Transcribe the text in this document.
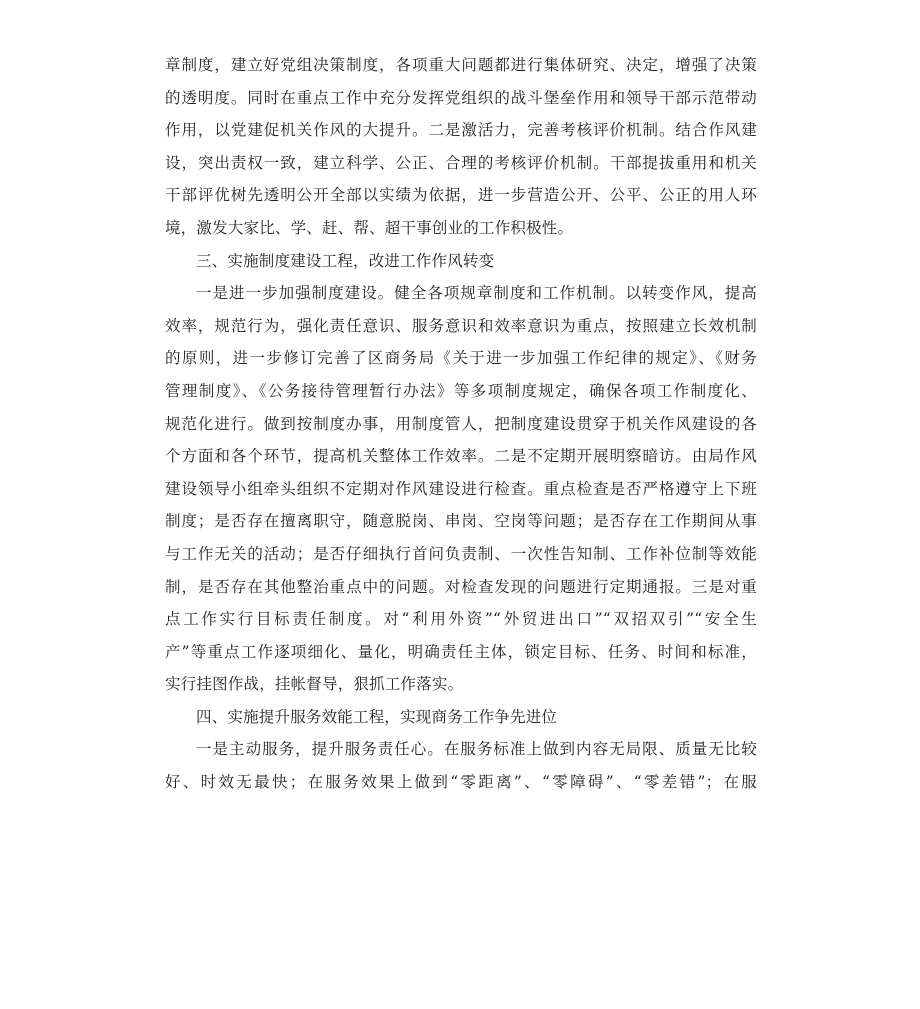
章制度，建立好党组决策制度，各项重大问题都进行集体研究、决定，增强了决策
的透明度。同时在重点工作中充分发挥党组织的战斗堡垒作用和领导干部示范带动
作用，以党建促机关作风的大提升。二是激活力，完善考核评价机制。结合作风建
设，突出责权一致，建立科学、公正、合理的考核评价机制。干部提拔重用和机关
干部评优树先透明公开全部以实绩为依据，进一步营造公开、公平、公正的用人环
境，激发大家比、学、赶、帮、超干事创业的工作积极性。
三、实施制度建设工程，改进工作作风转变
一是进一步加强制度建设。健全各项规章制度和工作机制。以转变作风，提高
效率，规范行为，强化责任意识、服务意识和效率意识为重点，按照建立长效机制
的原则，进一步修订完善了区商务局《关于进一步加强工作纪律的规定》、《财务
管理制度》、《公务接待管理暂行办法》等多项制度规定，确保各项工作制度化、
规范化进行。做到按制度办事，用制度管人，把制度建设贯穿于机关作风建设的各
个方面和各个环节，提高机关整体工作效率。二是不定期开展明察暗访。由局作风
建设领导小组牵头组织不定期对作风建设进行检查。重点检查是否严格遵守上下班
制度；是否存在擅离职守，随意脱岗、串岗、空岗等问题；是否存在工作期间从事
与工作无关的活动；是否仔细执行首问负责制、一次性告知制、工作补位制等效能
制，是否存在其他整治重点中的问题。对检查发现的问题进行定期通报。三是对重
点工作实行目标责任制度。对“利用外资”“外贸进出口”“双招双引”“安全生
产”等重点工作逐项细化、量化，明确责任主体，锁定目标、任务、时间和标准，
实行挂图作战，挂帐督导，狠抓工作落实。
四、实施提升服务效能工程，实现商务工作争先进位
一是主动服务，提升服务责任心。在服务标准上做到内容无局限、质量无比较
好、时效无最快；在服务效果上做到“零距离”、“零障碍”、“零差错”；在服
